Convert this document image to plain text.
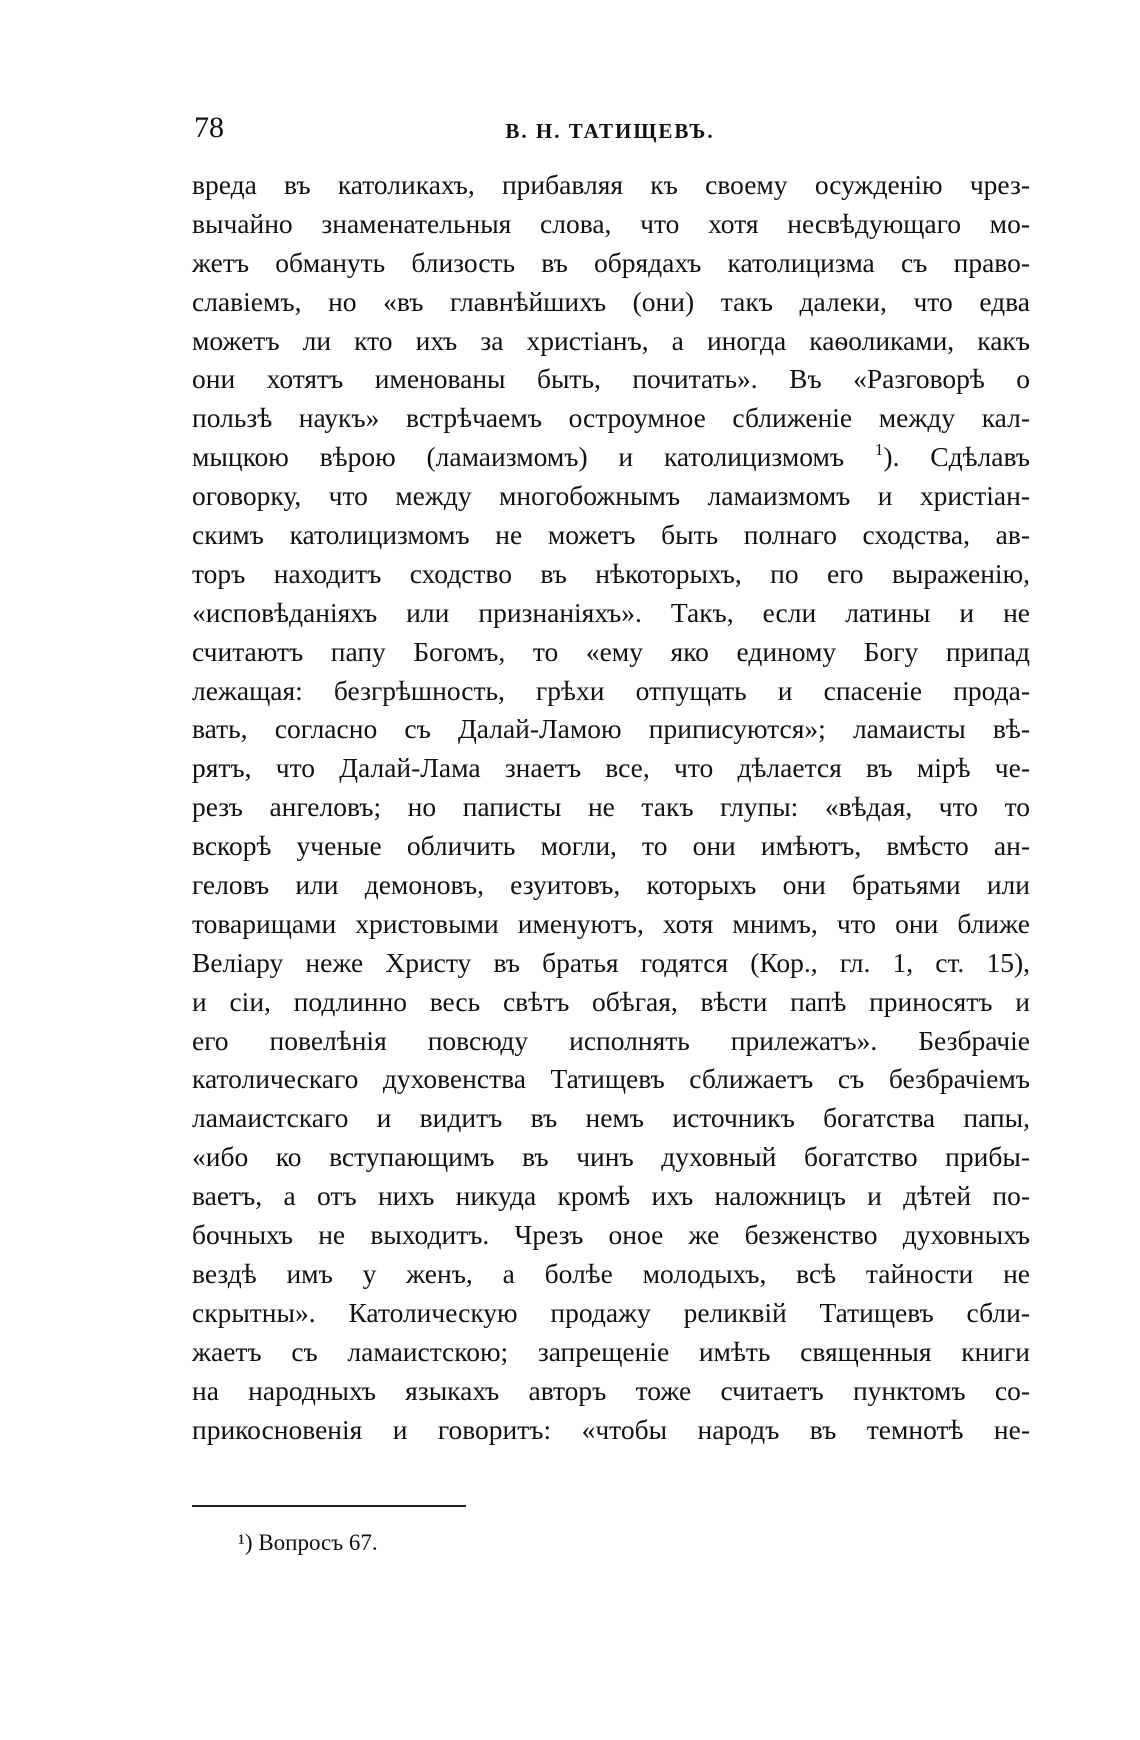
78	В. Н. ТАТИЩЕВЪ.
вреда въ католикахъ, прибавляя къ своему осужденію чрез-
вычайно знаменательныя слова, что хотя несвѣдующаго мо-
жетъ обмануть близость въ обрядахъ католицизма съ право-
славіемъ, но «въ главнѣйшихъ (они) такъ далеки, что едва
можетъ ли кто ихъ за христіанъ, а иногда каѳоликами, какъ
они хотятъ именованы быть, почитать». Въ «Разговорѣ о
пользѣ наукъ» встрѣчаемъ остроумное сближеніе между кал-
мыцкою вѣрою (ламаизмомъ) и католицизмомъ $^1$). Сдѣлавъ
оговорку, что между многобожнымъ ламаизмомъ и христіан-
скимъ католицизмомъ не можетъ быть полнаго сходства, ав-
торъ находитъ сходство въ нѣкоторыхъ, по его выраженію,
«исповѣданіяхъ или признаніяхъ». Такъ, если латины и не
считаютъ папу Богомъ, то «ему яко единому Богу припад
лежащая: безгрѣшность, грѣхи отпущать и спасеніе прода-
вать, согласно съ Далай-Ламою приписуются»; ламаисты вѣ-
рятъ, что Далай-Лама знаетъ все, что дѣлается въ мірѣ че-
резъ ангеловъ; но паписты не такъ глупы: «вѣдая, что то
вскорѣ ученые обличить могли, то они имѣютъ, вмѣсто ан-
геловъ или демоновъ, езуитовъ, которыхъ они братьями или
товарищами христовыми именуютъ, хотя мнимъ, что они ближе
Веліару неже Христу въ братья годятся (Кор., гл. 1, ст. 15),
и сіи, подлинно весь свѣтъ обѣгая, вѣсти папѣ приносятъ и
его повелѣнія повсюду исполнять прилежатъ». Безбрачіе
католическаго духовенства Татищевъ сближаетъ съ безбрачіемъ
ламаистскаго и видитъ въ немъ источникъ богатства папы,
«ибо ко вступающимъ въ чинъ духовный богатство прибы-
ваетъ, а отъ нихъ никуда кромѣ ихъ наложницъ и дѣтей по-
бочныхъ не выходитъ. Чрезъ оное же безженство духовныхъ
вездѣ имъ у женъ, а болѣе молодыхъ, всѣ тайности не
скрытны». Католическую продажу реликвій Татищевъ сбли-
жаетъ съ ламаистскою; запрещеніе имѣть священныя книги
на народныхъ языкахъ авторъ тоже считаетъ пунктомъ со-
прикосновенія и говоритъ: «чтобы народъ въ темнотѣ не-
¹) Вопросъ 67.
